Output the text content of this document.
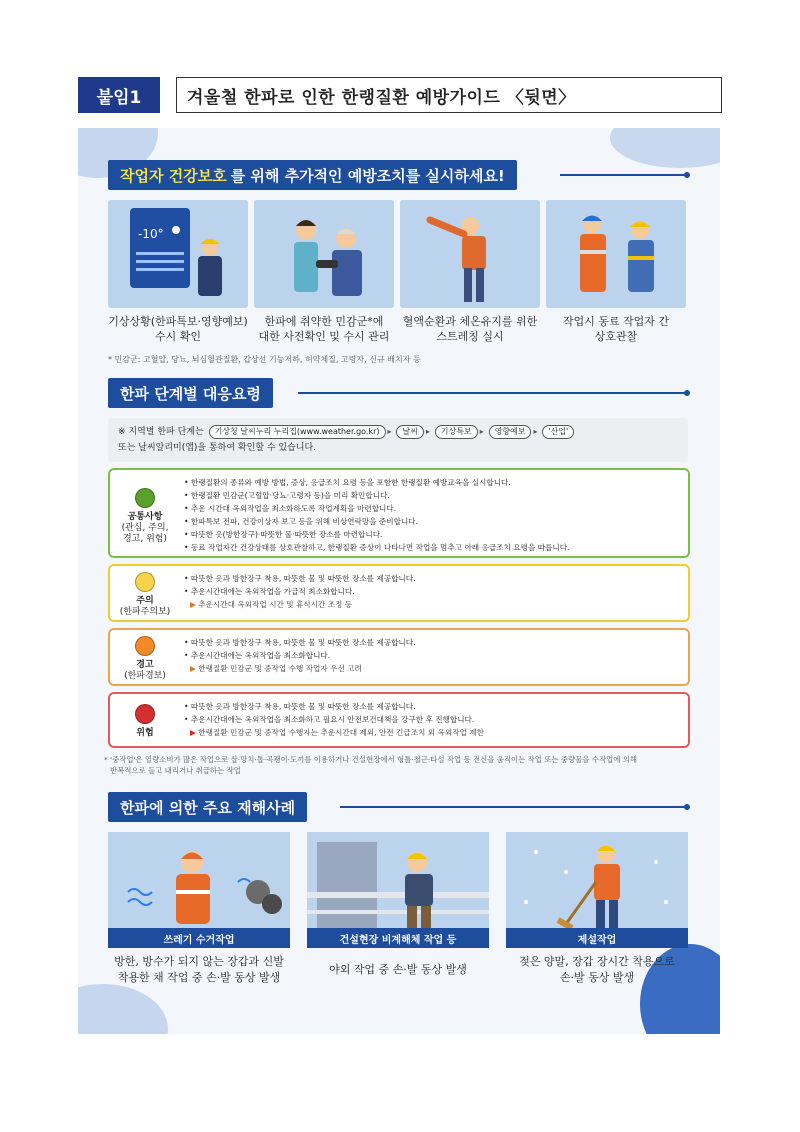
붙임1	겨울철 한파로 인한 한랭질환 예방가이드 〈뒷면〉
작업자 건강보호 를 위해 추가적인 예방조치를 실시하세요!
-10°
기상상황(한파특보·영향예보)
수시 확인
한파에 취약한 민감군*에
대한 사전확인 및 수시 관리
혈액순환과 체온유지를 위한
스트레칭 실시
작업시 동료 작업자 간
상호관찰
* 민감군: 고혈압, 당뇨, 뇌심혈관질환, 갑상선 기능저하, 허약체질, 고령자, 신규 배치자 등
한파 단계별 대응요령
※ 지역별 한파 단계는 기상청 날씨누리 누리집(www.weather.go.kr) ▸ 날씨 ▸ 기상특보 ▸ 영향예보 ▸ '산업'
또는 날씨알리미(앱)을 통하여 확인할 수 있습니다.
공통사항
(관심, 주의, 경고, 위험)
• 한랭질환의 종류와 예방 방법, 증상, 응급조치 요령 등을 포함한 한랭질환 예방교육을 실시합니다.
• 한랭질환 민감군(고혈압·당뇨·고령자 등)을 미리 확인합니다.
• 추운 시간대 옥외작업을 최소화하도록 작업계획을 마련합니다.
• 한파특보 전파, 건강이상자 보고 등을 위해 비상연락망을 준비합니다.
• 따뜻한 옷(방한장구)·따뜻한 물·따뜻한 장소를 마련합니다.
• 동료 작업자간 건강상태를 상호관찰하고, 한랭질환 증상이 나타나면 작업을 멈추고 아래 응급조치 요령을 따릅니다.
주의
(한파주의보)
• 따뜻한 옷과 방한장구 착용, 따뜻한 물 및 따뜻한 장소를 제공합니다.
• 추운시간대에는 옥외작업을 가급적 최소화합니다.
▶ 추운시간대 옥외작업 시간 및 휴식시간 조정 등
경고
(한파경보)
• 따뜻한 옷과 방한장구 착용, 따뜻한 물 및 따뜻한 장소를 제공합니다.
• 추운시간대에는 옥외작업을 최소화합니다.
▶ 한랭질환 민감군 및 중작업 수행 작업자 우선 고려
위험
• 따뜻한 옷과 방한장구 착용, 따뜻한 물 및 따뜻한 장소를 제공합니다.
• 추운시간대에는 옥외작업을 최소화하고 필요시 안전보건대책을 강구한 후 진행합니다.
▶ 한랭질환 민감군 및 중작업 수행자는 추운시간대 제외, 안전 긴급조치 외 옥외작업 제한
* '중작업'은 열량소비가 많은 작업으로 삽·망치·톱·곡괭이·도끼를 이용하거나 건설현장에서 형틀·철근·타설 작업 등 전신을 움직이는 작업 또는 중량물을 수작업에 의해
반복적으로 들고 내리거나 취급하는 작업
한파에 의한 주요 재해사례
쓰레기 수거작업	건설현장 비계해체 작업 등	제설작업
방한, 방수가 되지 않는 장갑과 신발
착용한 채 작업 중 손·발 동상 발생
야외 작업 중 손·발 동상 발생
젖은 양말, 장갑 장시간 착용으로
손·발 동상 발생
